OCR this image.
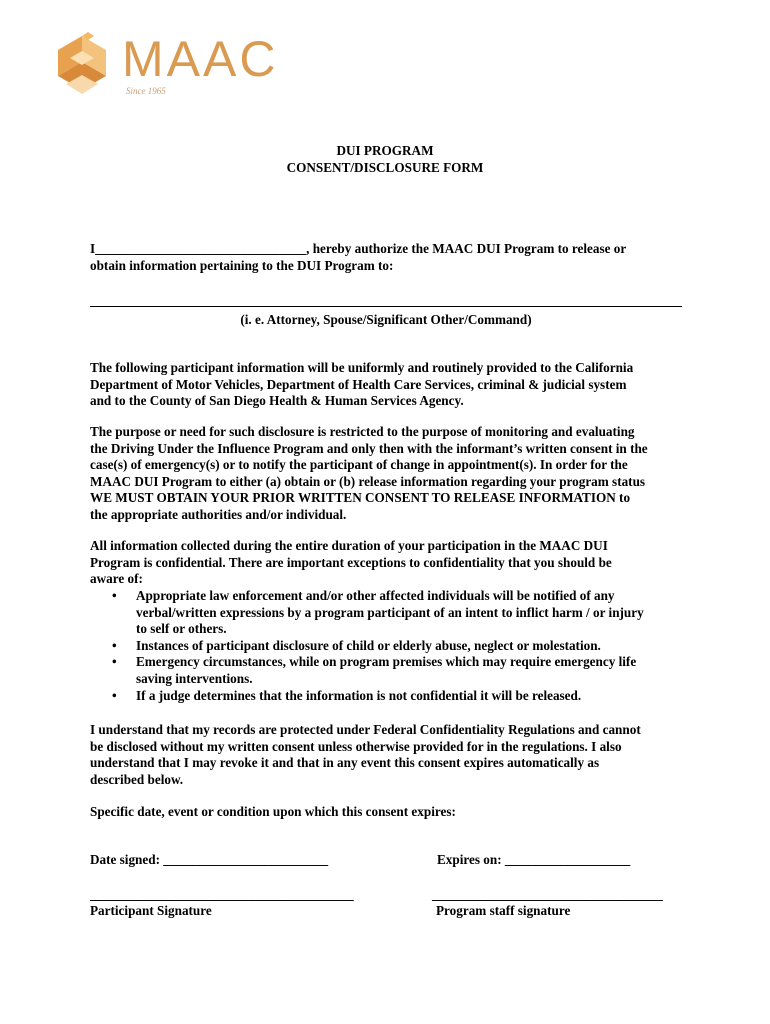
MAAC
Since 1965
DUI PROGRAM
CONSENT/DISCLOSURE FORM
I________________________________, hereby authorize the MAAC DUI Program to release or
obtain information pertaining to the DUI Program to:
(i. e. Attorney, Spouse/Significant Other/Command)
The following participant information will be uniformly and routinely provided to the California
Department of Motor Vehicles, Department of Health Care Services, criminal & judicial system
and to the County of San Diego Health & Human Services Agency.
The purpose or need for such disclosure is restricted to the purpose of monitoring and evaluating
the Driving Under the Influence Program and only then with the informant’s written consent in the
case(s) of emergency(s) or to notify the participant of change in appointment(s). In order for the
MAAC DUI Program to either (a) obtain or (b) release information regarding your program status
WE MUST OBTAIN YOUR PRIOR WRITTEN CONSENT TO RELEASE INFORMATION to
the appropriate authorities and/or individual.
All information collected during the entire duration of your participation in the MAAC DUI
Program is confidential. There are important exceptions to confidentiality that you should be
aware of:
• Appropriate law enforcement and/or other affected individuals will be notified of any
verbal/written expressions by a program participant of an intent to inflict harm / or injury
to self or others.
• Instances of participant disclosure of child or elderly abuse, neglect or molestation.
• Emergency circumstances, while on program premises which may require emergency life
saving interventions.
• If a judge determines that the information is not confidential it will be released.
I understand that my records are protected under Federal Confidentiality Regulations and cannot
be disclosed without my written consent unless otherwise provided for in the regulations. I also
understand that I may revoke it and that in any event this consent expires automatically as
described below.
Specific date, event or condition upon which this consent expires:
Date signed: _________________________	Expires on: ___________________
________________________________________	___________________________________
Participant Signature	Program staff signature
